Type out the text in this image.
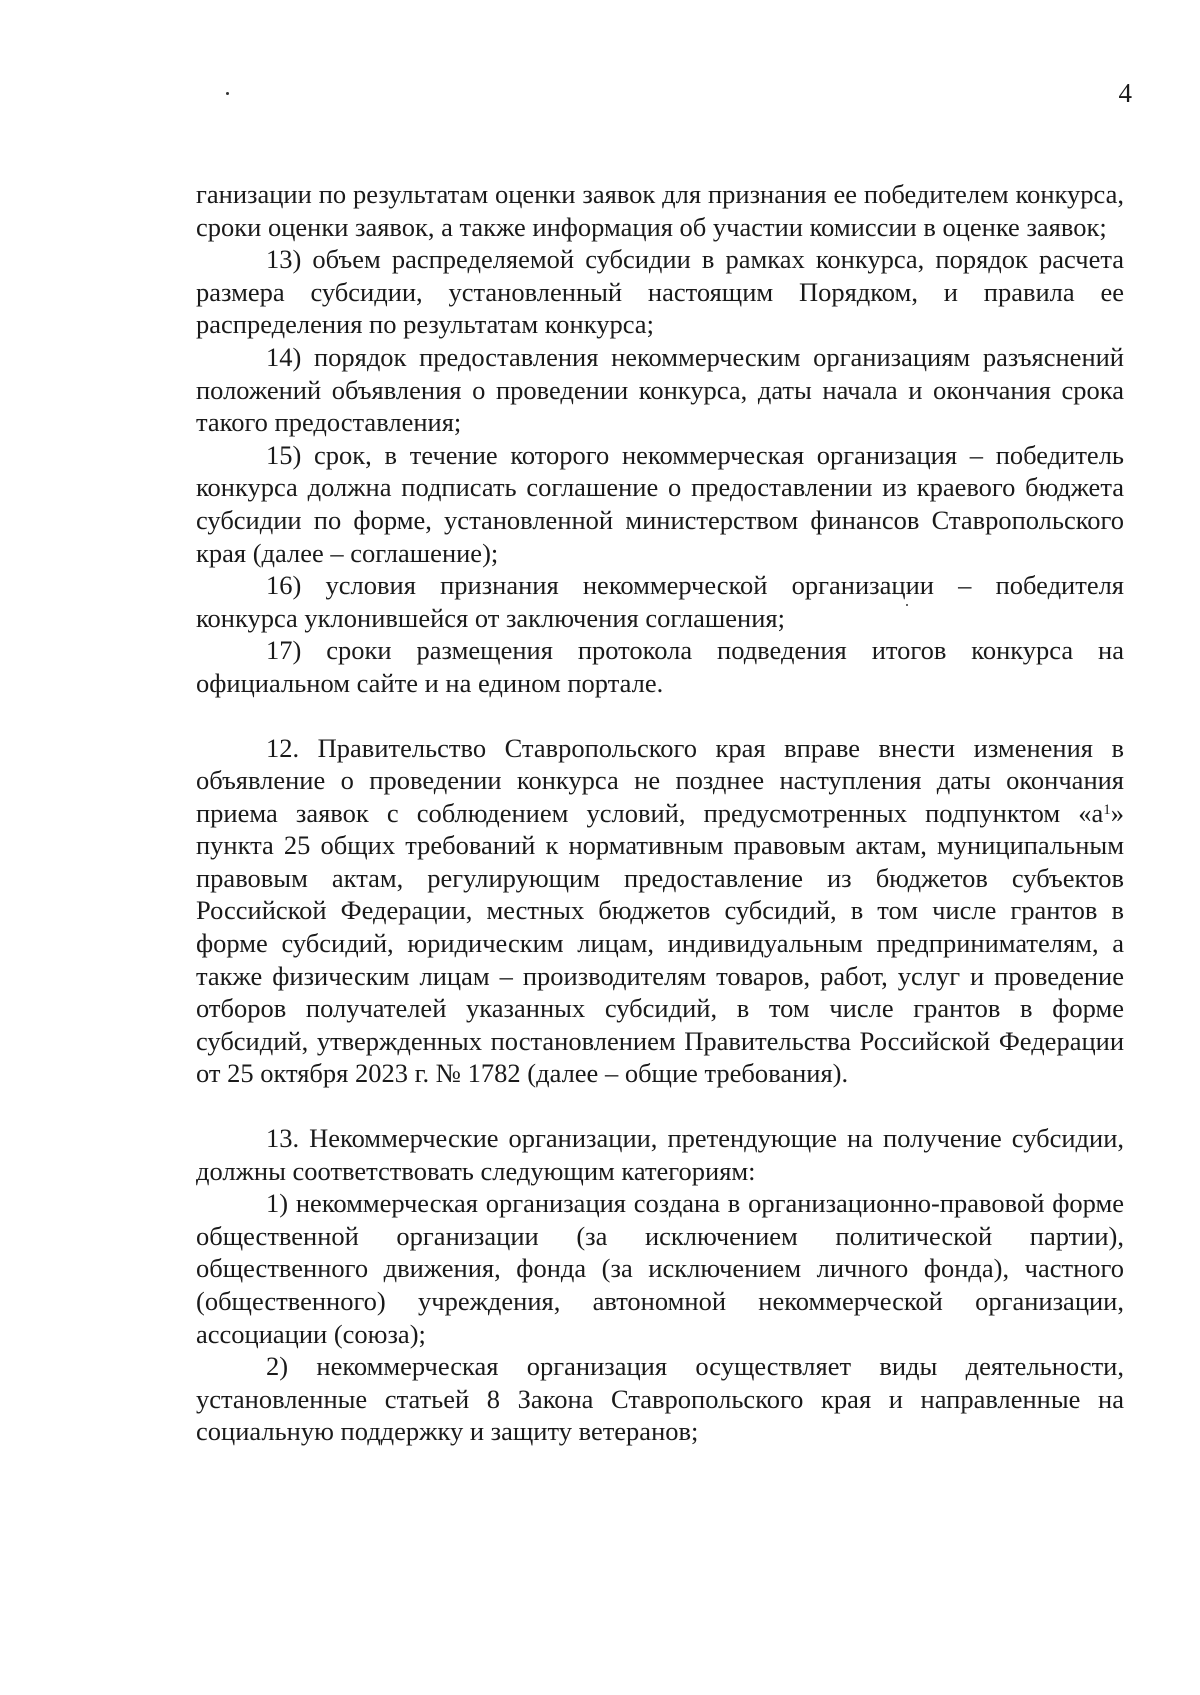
4

ганизации по результатам оценки заявок для признания ее победителем конкурса, сроки оценки заявок, а также информация об участии комиссии в оценке заявок;

13) объем распределяемой субсидии в рамках конкурса, порядок расчета размера субсидии, установленный настоящим Порядком, и правила ее распределения по результатам конкурса;

14) порядок предоставления некоммерческим организациям разъяснений положений объявления о проведении конкурса, даты начала и окончания срока такого предоставления;

15) срок, в течение которого некоммерческая организация – победитель конкурса должна подписать соглашение о предоставлении из краевого бюджета субсидии по форме, установленной министерством финансов Ставропольского края (далее – соглашение);

16) условия признания некоммерческой организации – победителя конкурса уклонившейся от заключения соглашения;

17) сроки размещения протокола подведения итогов конкурса на официальном сайте и на едином портале.

12. Правительство Ставропольского края вправе внести изменения в объявление о проведении конкурса не позднее наступления даты окончания приема заявок с соблюдением условий, предусмотренных подпунктом «$а^1$» пункта 25 общих требований к нормативным правовым актам, муниципальным правовым актам, регулирующим предоставление из бюджетов субъектов Российской Федерации, местных бюджетов субсидий, в том числе грантов в форме субсидий, юридическим лицам, индивидуальным предпринимателям, а также физическим лицам – производителям товаров, работ, услуг и проведение отборов получателей указанных субсидий, в том числе грантов в форме субсидий, утвержденных постановлением Правительства Российской Федерации от 25 октября 2023 г. № 1782 (далее – общие требования).

13. Некоммерческие организации, претендующие на получение субсидии, должны соответствовать следующим категориям:

1) некоммерческая организация создана в организационно-правовой форме общественной организации (за исключением политической партии), общественного движения, фонда (за исключением личного фонда), частного (общественного) учреждения, автономной некоммерческой организации, ассоциации (союза);

2) некоммерческая организация осуществляет виды деятельности, установленные статьей 8 Закона Ставропольского края и направленные на социальную поддержку и защиту ветеранов;
